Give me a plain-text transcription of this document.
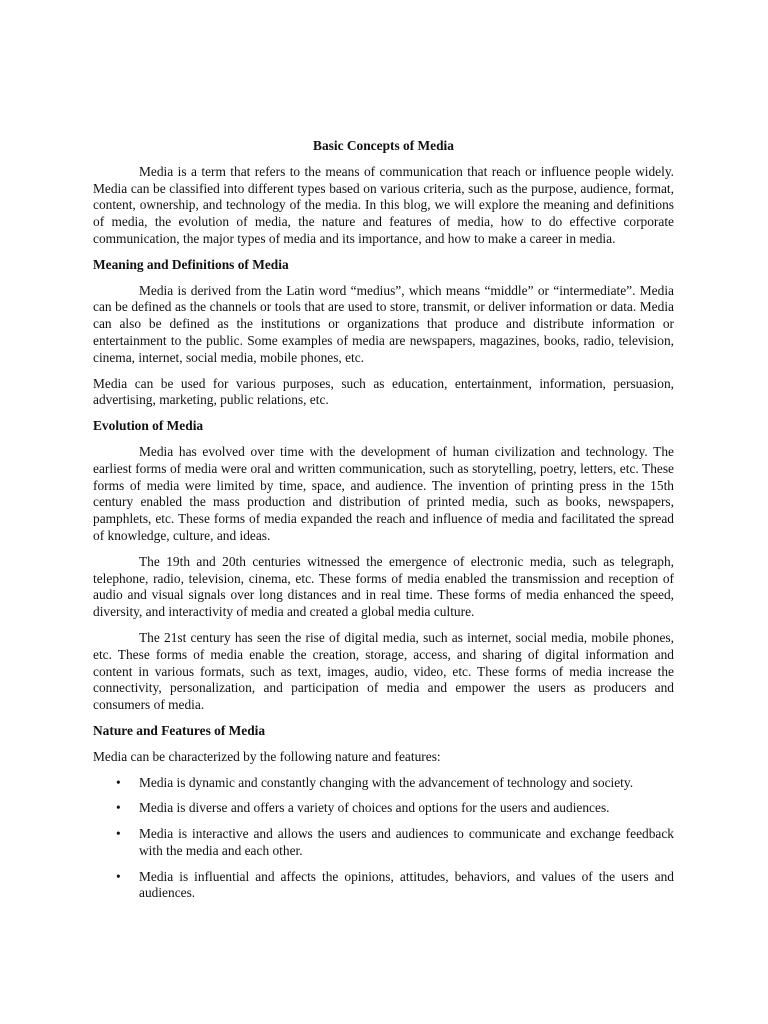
Basic Concepts of Media

Media is a term that refers to the means of communication that reach or influence people widely. Media can be classified into different types based on various criteria, such as the purpose, audience, format, content, ownership, and technology of the media. In this blog, we will explore the meaning and definitions of media, the evolution of media, the nature and features of media, how to do effective corporate communication, the major types of media and its importance, and how to make a career in media.

Meaning and Definitions of Media

Media is derived from the Latin word “medius”, which means “middle” or “intermediate”. Media can be defined as the channels or tools that are used to store, transmit, or deliver information or data. Media can also be defined as the institutions or organizations that produce and distribute information or entertainment to the public. Some examples of media are newspapers, magazines, books, radio, television, cinema, internet, social media, mobile phones, etc.

Media can be used for various purposes, such as education, entertainment, information, persuasion, advertising, marketing, public relations, etc.

Evolution of Media

Media has evolved over time with the development of human civilization and technology. The earliest forms of media were oral and written communication, such as storytelling, poetry, letters, etc. These forms of media were limited by time, space, and audience. The invention of printing press in the 15th century enabled the mass production and distribution of printed media, such as books, newspapers, pamphlets, etc. These forms of media expanded the reach and influence of media and facilitated the spread of knowledge, culture, and ideas.

The 19th and 20th centuries witnessed the emergence of electronic media, such as telegraph, telephone, radio, television, cinema, etc. These forms of media enabled the transmission and reception of audio and visual signals over long distances and in real time. These forms of media enhanced the speed, diversity, and interactivity of media and created a global media culture.

The 21st century has seen the rise of digital media, such as internet, social media, mobile phones, etc. These forms of media enable the creation, storage, access, and sharing of digital information and content in various formats, such as text, images, audio, video, etc. These forms of media increase the connectivity, personalization, and participation of media and empower the users as producers and consumers of media.

Nature and Features of Media

Media can be characterized by the following nature and features:

• Media is dynamic and constantly changing with the advancement of technology and society.
• Media is diverse and offers a variety of choices and options for the users and audiences.
• Media is interactive and allows the users and audiences to communicate and exchange feedback with the media and each other.
• Media is influential and affects the opinions, attitudes, behaviors, and values of the users and audiences.
